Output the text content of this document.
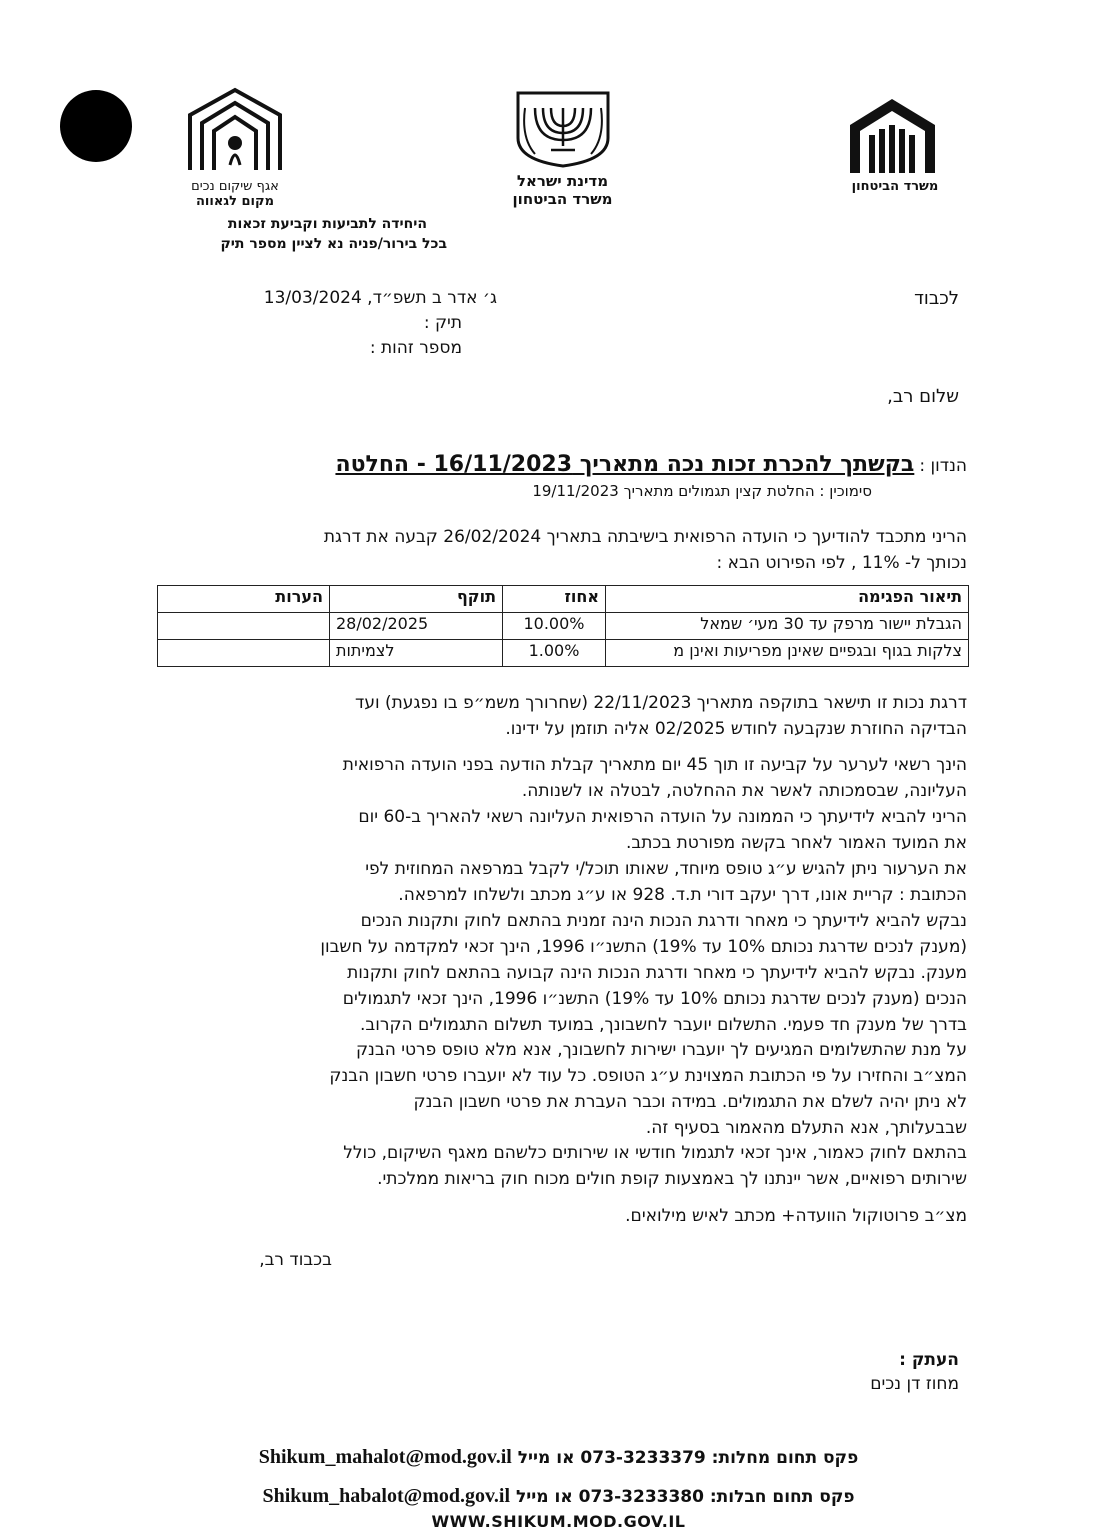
אגף שיקום נכים
מקום לגאווה
היחידה לתביעות וקביעת זכאות
בכל בירור/פניה נא לציין מספר תיק
מדינת ישראל
משרד הביטחון
משרד הביטחון
לכבוד
ג׳ אדר ב תשפ״ד, 13/03/2024
תיק :
מספר זהות :
שלום רב,
הנדון : בקשתך להכרת זכות נכה מתאריך 16/11/2023 - החלטה
סימוכין : החלטת קצין תגמולים מתאריך 19/11/2023
הריני מתכבד להודיעך כי הועדה הרפואית בישיבתה בתאריך 26/02/2024 קבעה את דרגת
נכותך ל- 11% , לפי הפירוט הבא :
תיאור הפגימה	אחוז	תוקף	הערות
הגבלת יישור מרפק עד 30 מעי׳ שמאל	10.00%	28/02/2025	
צלקות בגוף ובגפיים שאינן מפריעות ואינן מ	1.00%	לצמיתות	
דרגת נכות זו תישאר בתוקפה מתאריך 22/11/2023 (שחרורך משמ״פ בו נפגעת) ועד
הבדיקה החוזרת שנקבעה לחודש 02/2025 אליה תוזמן על ידינו.
הינך רשאי לערער על קביעה זו תוך 45 יום מתאריך קבלת הודעה בפני הועדה הרפואית
העליונה, שבסמכותה לאשר את ההחלטה, לבטלה או לשנותה.
הריני להביא לידיעתך כי הממונה על הועדה הרפואית העליונה רשאי להאריך ב-60 יום
את המועד האמור לאחר בקשה מפורטת בכתב.
את הערעור ניתן להגיש ע״ג טופס מיוחד, שאותו תוכל/י לקבל במרפאה המחוזית לפי
הכתובת : קריית אונו, דרך יעקב דורי ת.ד. 928 או ע״ג מכתב ולשלחו למרפאה.
נבקש להביא לידיעתך כי מאחר ודרגת הנכות הינה זמנית בהתאם לחוק ותקנות הנכים
(מענק לנכים שדרגת נכותם 10% עד 19%) התשנ״ו 1996, הינך זכאי למקדמה על חשבון
מענק. נבקש להביא לידיעתך כי מאחר ודרגת הנכות הינה קבועה בהתאם לחוק ותקנות
הנכים (מענק לנכים שדרגת נכותם 10% עד 19%) התשנ״ו 1996, הינך זכאי לתגמולים
בדרך של מענק חד פעמי. התשלום יועבר לחשבונך, במועד תשלום התגמולים הקרוב.
על מנת שהתשלומים המגיעים לך יועברו ישירות לחשבונך, אנא מלא טופס פרטי הבנק
המצ״ב והחזירו על פי הכתובת המצוינת ע״ג הטופס. כל עוד לא יועברו פרטי חשבון הבנק
לא ניתן יהיה לשלם את התגמולים. במידה וכבר העברת את פרטי חשבון הבנק
שבבעלותך, אנא התעלם מהאמור בסעיף זה.
בהתאם לחוק כאמור, אינך זכאי לתגמול חודשי או שירותים כלשהם מאגף השיקום, כולל
שירותים רפואיים, אשר יינתנו לך באמצעות קופת חולים מכוח חוק בריאות ממלכתי.
מצ״ב פרוטוקול הוועדה+ מכתב לאיש מילואים.
בכבוד רב,
העתק :
מחוז דן נכים
Shikum_mahalot@mod.gov.il פקס תחום מחלות: 073-3233379 או מייל
Shikum_habalot@mod.gov.il פקס תחום חבלות: 073-3233380 או מייל
WWW.SHIKUM.MOD.GOV.IL
